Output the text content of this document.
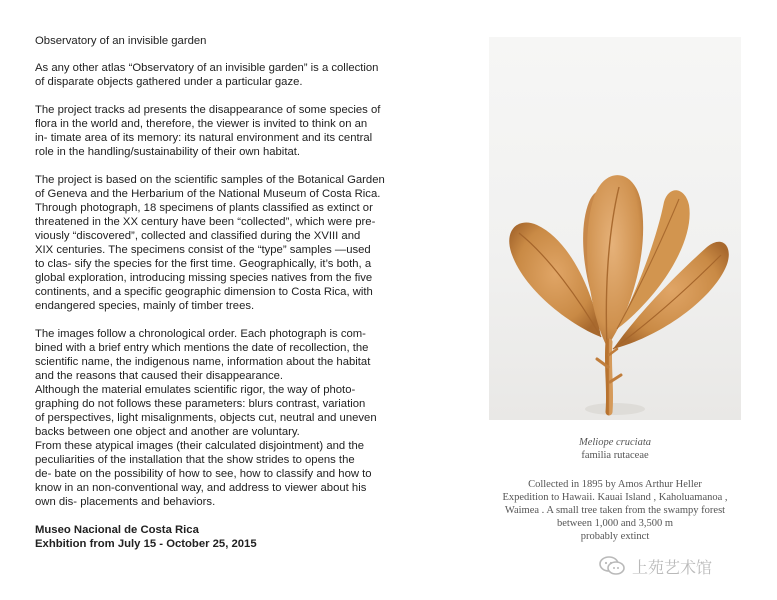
Observatory of an invisible garden

As any other atlas “Observatory of an invisible garden” is a collection
of disparate objects gathered under a particular gaze.

The project tracks ad presents the disappearance of some species of
flora in the world and, therefore, the viewer is invited to think on an
in- timate area of its memory: its natural environment and its central
role in the handling/sustainability of their own habitat.

The project is based on the scientific samples of the Botanical Garden
of Geneva and the Herbarium of the National Museum of Costa Rica.
Through photograph, 18 specimens of plants classified as extinct or
threatened in the XX century have been “collected”, which were pre-
viously “discovered”, collected and classified during the XVIII and
XIX centuries. The specimens consist of the “type” samples —used
to clas- sify the species for the first time. Geographically, it’s both, a
global exploration, introducing missing species natives from the five
continents, and a specific geographic dimension to Costa Rica, with
endangered species, mainly of timber trees.

The images follow a chronological order. Each photograph is com-
bined with a brief entry which mentions the date of recollection, the
scientific name, the indigenous name, information about the habitat
and the reasons that caused their disappearance.
Although the material emulates scientific rigor, the way of photo-
graphing do not follows these parameters: blurs contrast, variation
of perspectives, light misalignments, objects cut, neutral and uneven
backs between one object and another are voluntary.
From these atypical images (their calculated disjointment) and the
peculiarities of the installation that the show strides to opens the
de- bate on the possibility of how to see, how to classify and how to
know in an non-conventional way, and address to viewer about his
own dis- placements and behaviors.

Museo Nacional de Costa Rica
Exhbition from July 15 - October 25, 2015
Meliope cruciata
familia rutaceae
Collected in 1895 by Amos Arthur Heller
Expedition to Hawaii. Kauai Island , Kaholuamanoa ,
Waimea . A small tree taken from the swampy forest
between 1,000 and 3,500 m
probably extinct
上苑艺术馆
